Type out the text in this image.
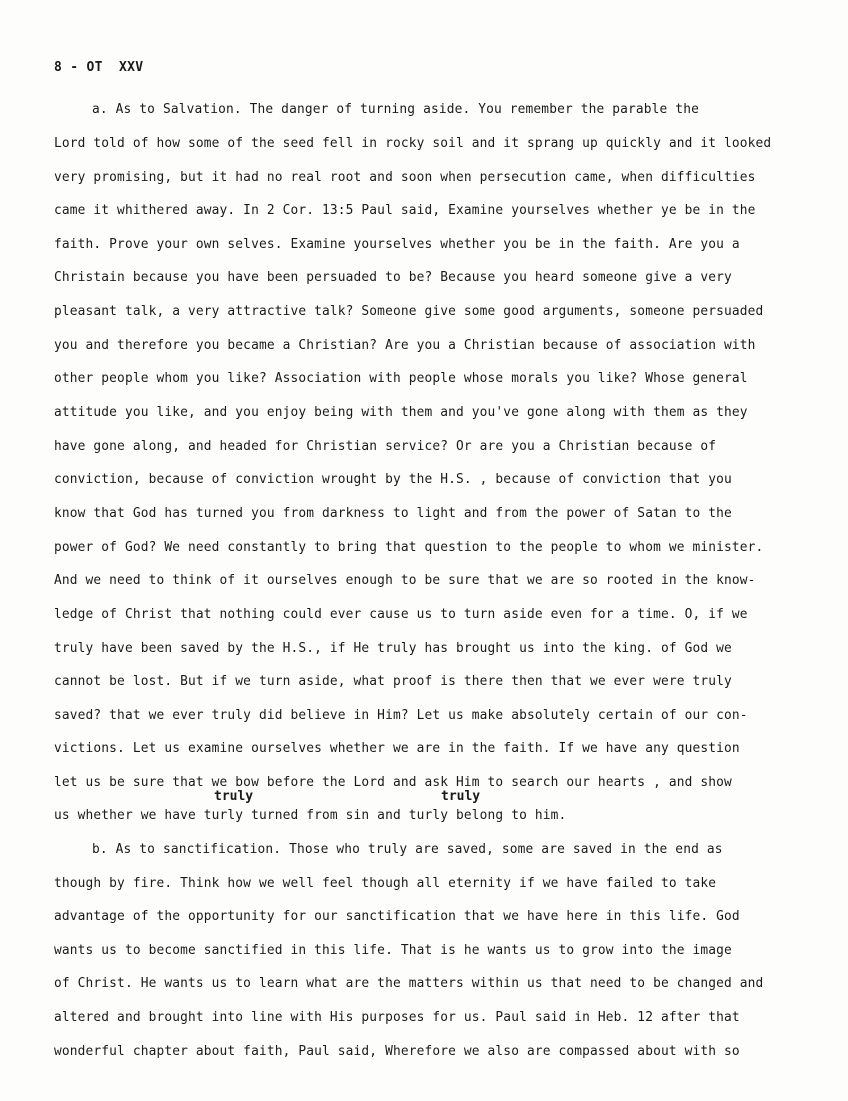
8 - OT  XXV
a. As to Salvation. The danger of turning aside. You remember the parable the
Lord told of how some of the seed fell in rocky soil and it sprang up quickly and it looked
very promising, but it had no real root and soon when persecution came, when difficulties
came it whithered away. In 2 Cor. 13:5 Paul said, Examine yourselves whether ye be in the
faith. Prove your own selves. Examine yourselves whether you be in the faith. Are you a
Christain because you have been persuaded to be? Because you heard someone give a very
pleasant talk, a very attractive talk? Someone give some good arguments, someone persuaded
you and therefore you became a Christian? Are you a Christian because of association with
other people whom you like? Association with people whose morals you like? Whose general
attitude you like, and you enjoy being with them and you've gone along with them as they
have gone along, and headed for Christian service? Or are you a Christian because of
conviction, because of conviction wrought by the H.S. , because of conviction that you
know that God has turned you from darkness to light and from the power of Satan to the
power of God? We need constantly to bring that question to the people to whom we minister.
And we need to think of it ourselves enough to be sure that we are so rooted in the know-
ledge of Christ that nothing could ever cause us to turn aside even for a time. O, if we
truly have been saved by the H.S., if He truly has brought us into the king. of God we
cannot be lost. But if we turn aside, what proof is there then that we ever were truly
saved? that we ever truly did believe in Him? Let us make absolutely certain of our con-
victions. Let us examine ourselves whether we are in the faith. If we have any question
let us be sure that we bow before the Lord and ask Him to search our hearts , and show
truly	truly
us whether we have turly turned from sin and turly belong to him.
b. As to sanctification. Those who truly are saved, some are saved in the end as
though by fire. Think how we well feel though all eternity if we have failed to take
advantage of the opportunity for our sanctification that we have here in this life. God
wants us to become sanctified in this life. That is he wants us to grow into the image
of Christ. He wants us to learn what are the matters within us that need to be changed and
altered and brought into line with His purposes for us. Paul said in Heb. 12 after that
wonderful chapter about faith, Paul said, Wherefore we also are compassed about with so
